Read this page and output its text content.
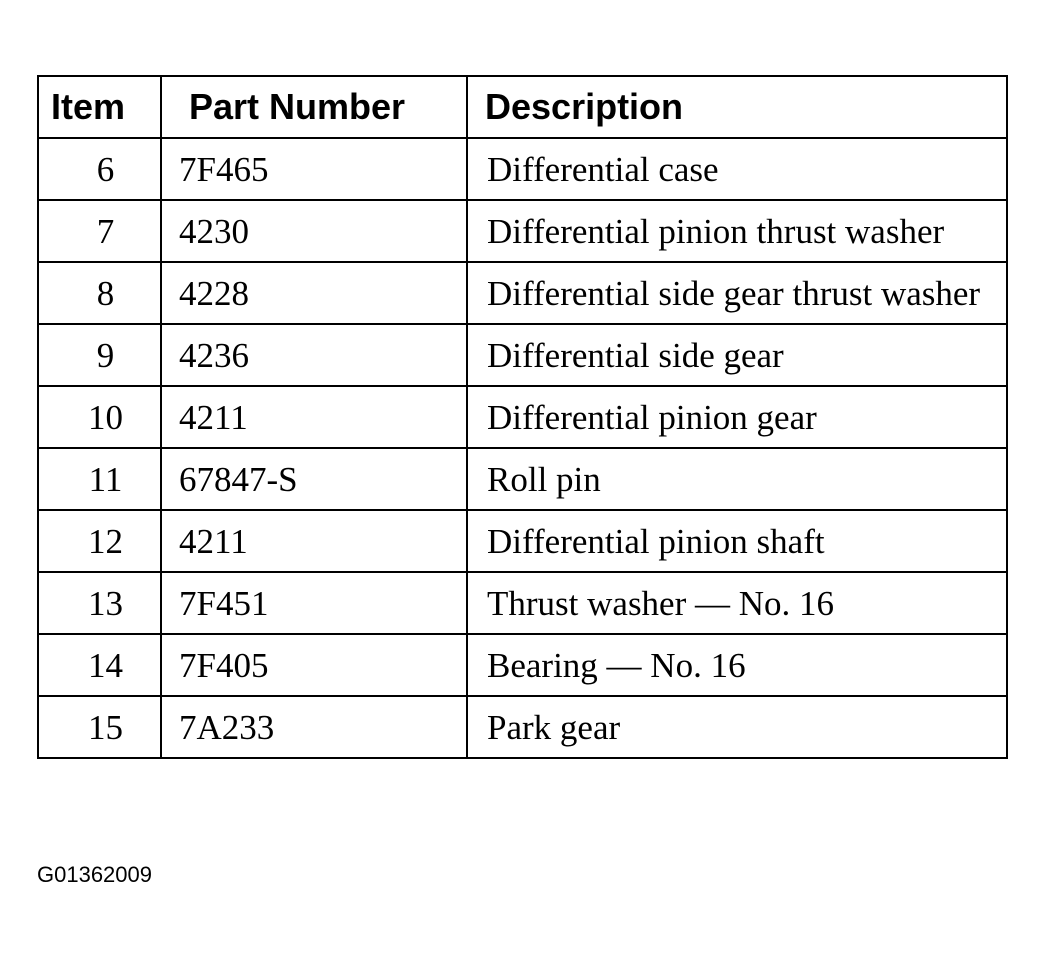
Item	Part Number	Description
6	7F465	Differential case
7	4230	Differential pinion thrust washer
8	4228	Differential side gear thrust washer
9	4236	Differential side gear
10	4211	Differential pinion gear
11	67847-S	Roll pin
12	4211	Differential pinion shaft
13	7F451	Thrust washer — No. 16
14	7F405	Bearing — No. 16
15	7A233	Park gear
G01362009
